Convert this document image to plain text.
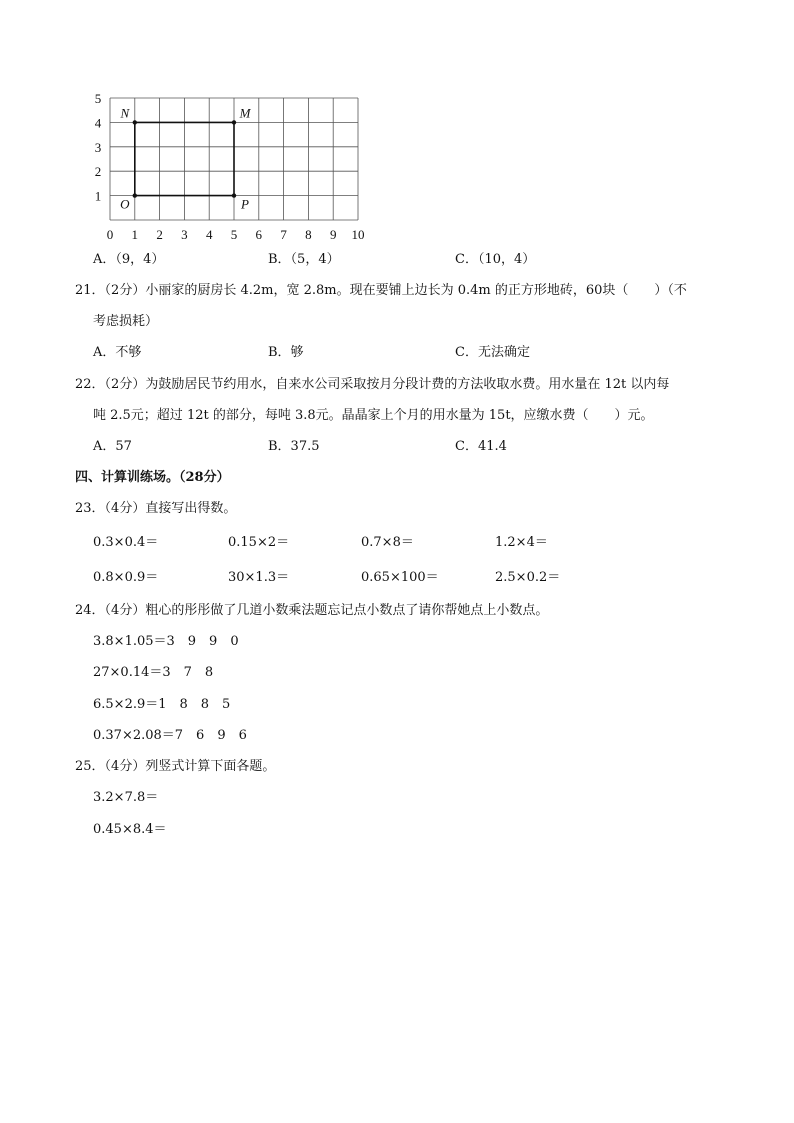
0 1 2 3 4 5 6 7 8 9 10
1
2
3
4
5
N	M
O	P
A．（9，4）	B．（5，4）	C．（10，4）
21．（2分）小丽家的厨房长 4.2m，宽 2.8m。现在要铺上边长为 0.4m 的正方形地砖，60块（　　）（不
考虑损耗）
A．不够	B．够	C．无法确定
22．（2分）为鼓励居民节约用水，自来水公司采取按月分段计费的方法收取水费。用水量在 12t 以内每
吨 2.5元；超过 12t 的部分，每吨 3.8元。晶晶家上个月的用水量为 15t，应缴水费（　　）元。
A．57	B．37.5	C．41.4
四、计算训练场。（28分）
23．（4分）直接写出得数。
0.3×0.4＝	0.15×2＝	0.7×8＝	1.2×4＝
0.8×0.9＝	30×1.3＝	0.65×100＝	2.5×0.2＝
24．（4分）粗心的彤彤做了几道小数乘法题忘记点小数点了请你帮她点上小数点。
3.8×1.05＝3　9　9　0
27×0.14＝3　7　8
6.5×2.9＝1　8　8　5
0.37×2.08＝7　6　9　6
25．（4分）列竖式计算下面各题。
3.2×7.8＝
0.45×8.4＝
